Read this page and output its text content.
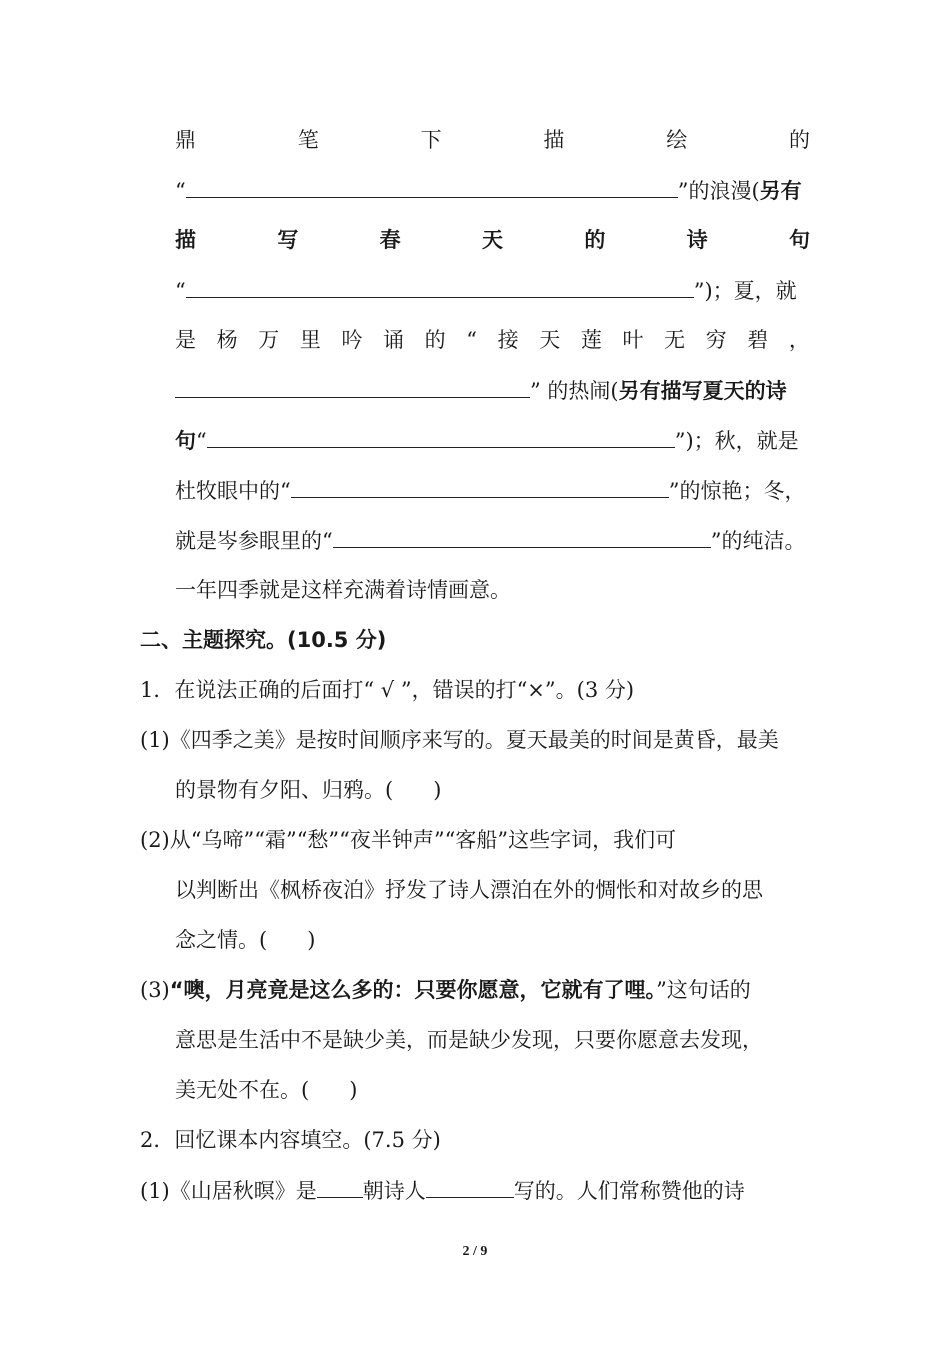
鼎	笔	下	描	绘	的
“	”的浪漫(另有
描	写	春	天	的	诗	句
“	”)；夏，就
是 杨 万 里 吟 诵 的 “ 接 天 莲 叶 无 穷 碧 ，
” 的热闹(另有描写夏天的诗
句“	”)；秋，就是
杜牧眼中的“	”的惊艳；冬，
就是岑参眼里的“	”的纯洁。
一年四季就是这样充满着诗情画意。
二、主题探究。(10.5 分)
1．在说法正确的后面打“ √ ”，错误的打“×”。(3 分)
(1)《四季之美》是按时间顺序来写的。夏天最美的时间是黄昏，最美
的景物有夕阳、归鸦。( )
(2)从“乌啼”“霜”“愁”“夜半钟声”“客船”这些字词，我们可
以判断出《枫桥夜泊》抒发了诗人漂泊在外的惆怅和对故乡的思
念之情。( )
(3)“噢，月亮竟是这么多的：只要你愿意，它就有了哩。”这句话的
意思是生活中不是缺少美，而是缺少发现，只要你愿意去发现，
美无处不在。( )
2．回忆课本内容填空。(7.5 分)
(1)《山居秋暝》是 朝诗人	写的。人们常称赞他的诗
2 / 9
